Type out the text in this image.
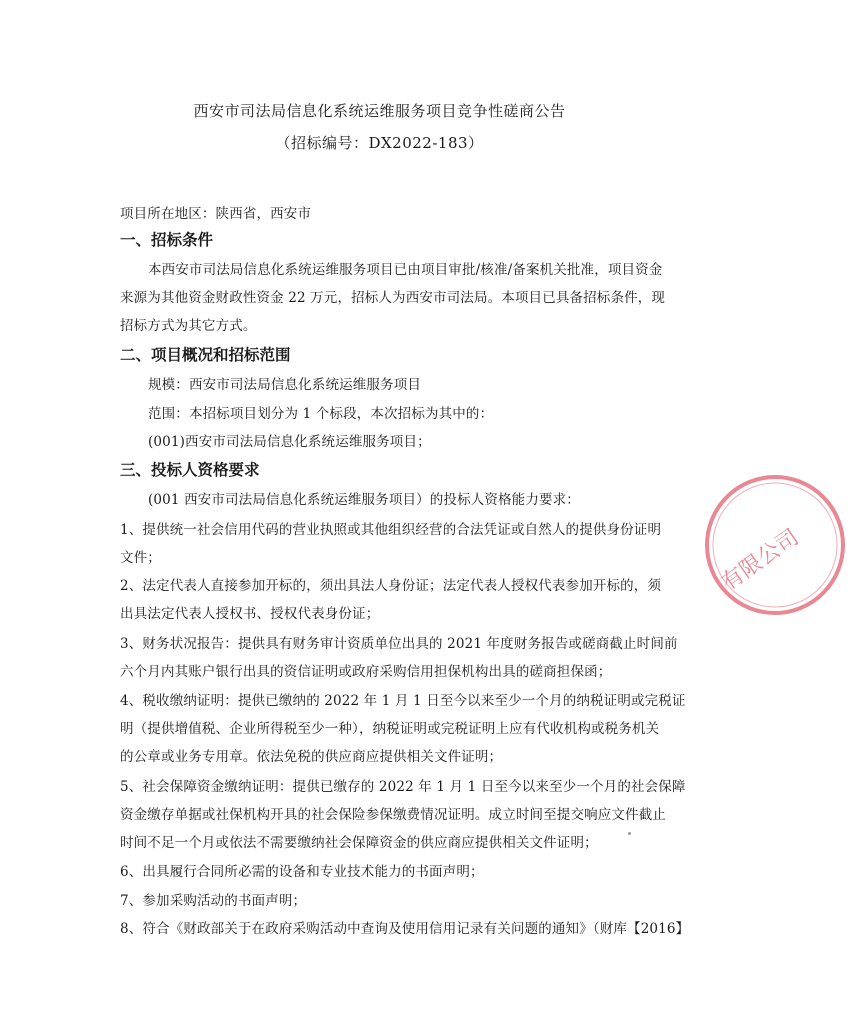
西安市司法局信息化系统运维服务项目竞争性磋商公告
（招标编号：DX2022-183）
项目所在地区：陕西省，西安市
一、招标条件
本西安市司法局信息化系统运维服务项目已由项目审批/核准/备案机关批准，项目资金
来源为其他资金财政性资金 22 万元，招标人为西安市司法局。本项目已具备招标条件，现
招标方式为其它方式。
二、项目概况和招标范围
规模：西安市司法局信息化系统运维服务项目
范围：本招标项目划分为 1 个标段，本次招标为其中的：
(001)西安市司法局信息化系统运维服务项目；
三、投标人资格要求
(001 西安市司法局信息化系统运维服务项目）的投标人资格能力要求：
1、提供统一社会信用代码的营业执照或其他组织经营的合法凭证或自然人的提供身份证明
文件；
2、法定代表人直接参加开标的，须出具法人身份证；法定代表人授权代表参加开标的，须
出具法定代表人授权书、授权代表身份证；
3、财务状况报告：提供具有财务审计资质单位出具的 2021 年度财务报告或磋商截止时间前
六个月内其账户银行出具的资信证明或政府采购信用担保机构出具的磋商担保函；
4、税收缴纳证明：提供已缴纳的 2022 年 1 月 1 日至今以来至少一个月的纳税证明或完税证
明（提供增值税、企业所得税至少一种），纳税证明或完税证明上应有代收机构或税务机关
的公章或业务专用章。依法免税的供应商应提供相关文件证明；
5、社会保障资金缴纳证明：提供已缴存的 2022 年 1 月 1 日至今以来至少一个月的社会保障
资金缴存单据或社保机构开具的社会保险参保缴费情况证明。成立时间至提交响应文件截止
时间不足一个月或依法不需要缴纳社会保障资金的供应商应提供相关文件证明；
6、出具履行合同所必需的设备和专业技术能力的书面声明；
7、参加采购活动的书面声明；
8、符合《财政部关于在政府采购活动中查询及使用信用记录有关问题的通知》（财库【2016】
有限公司
